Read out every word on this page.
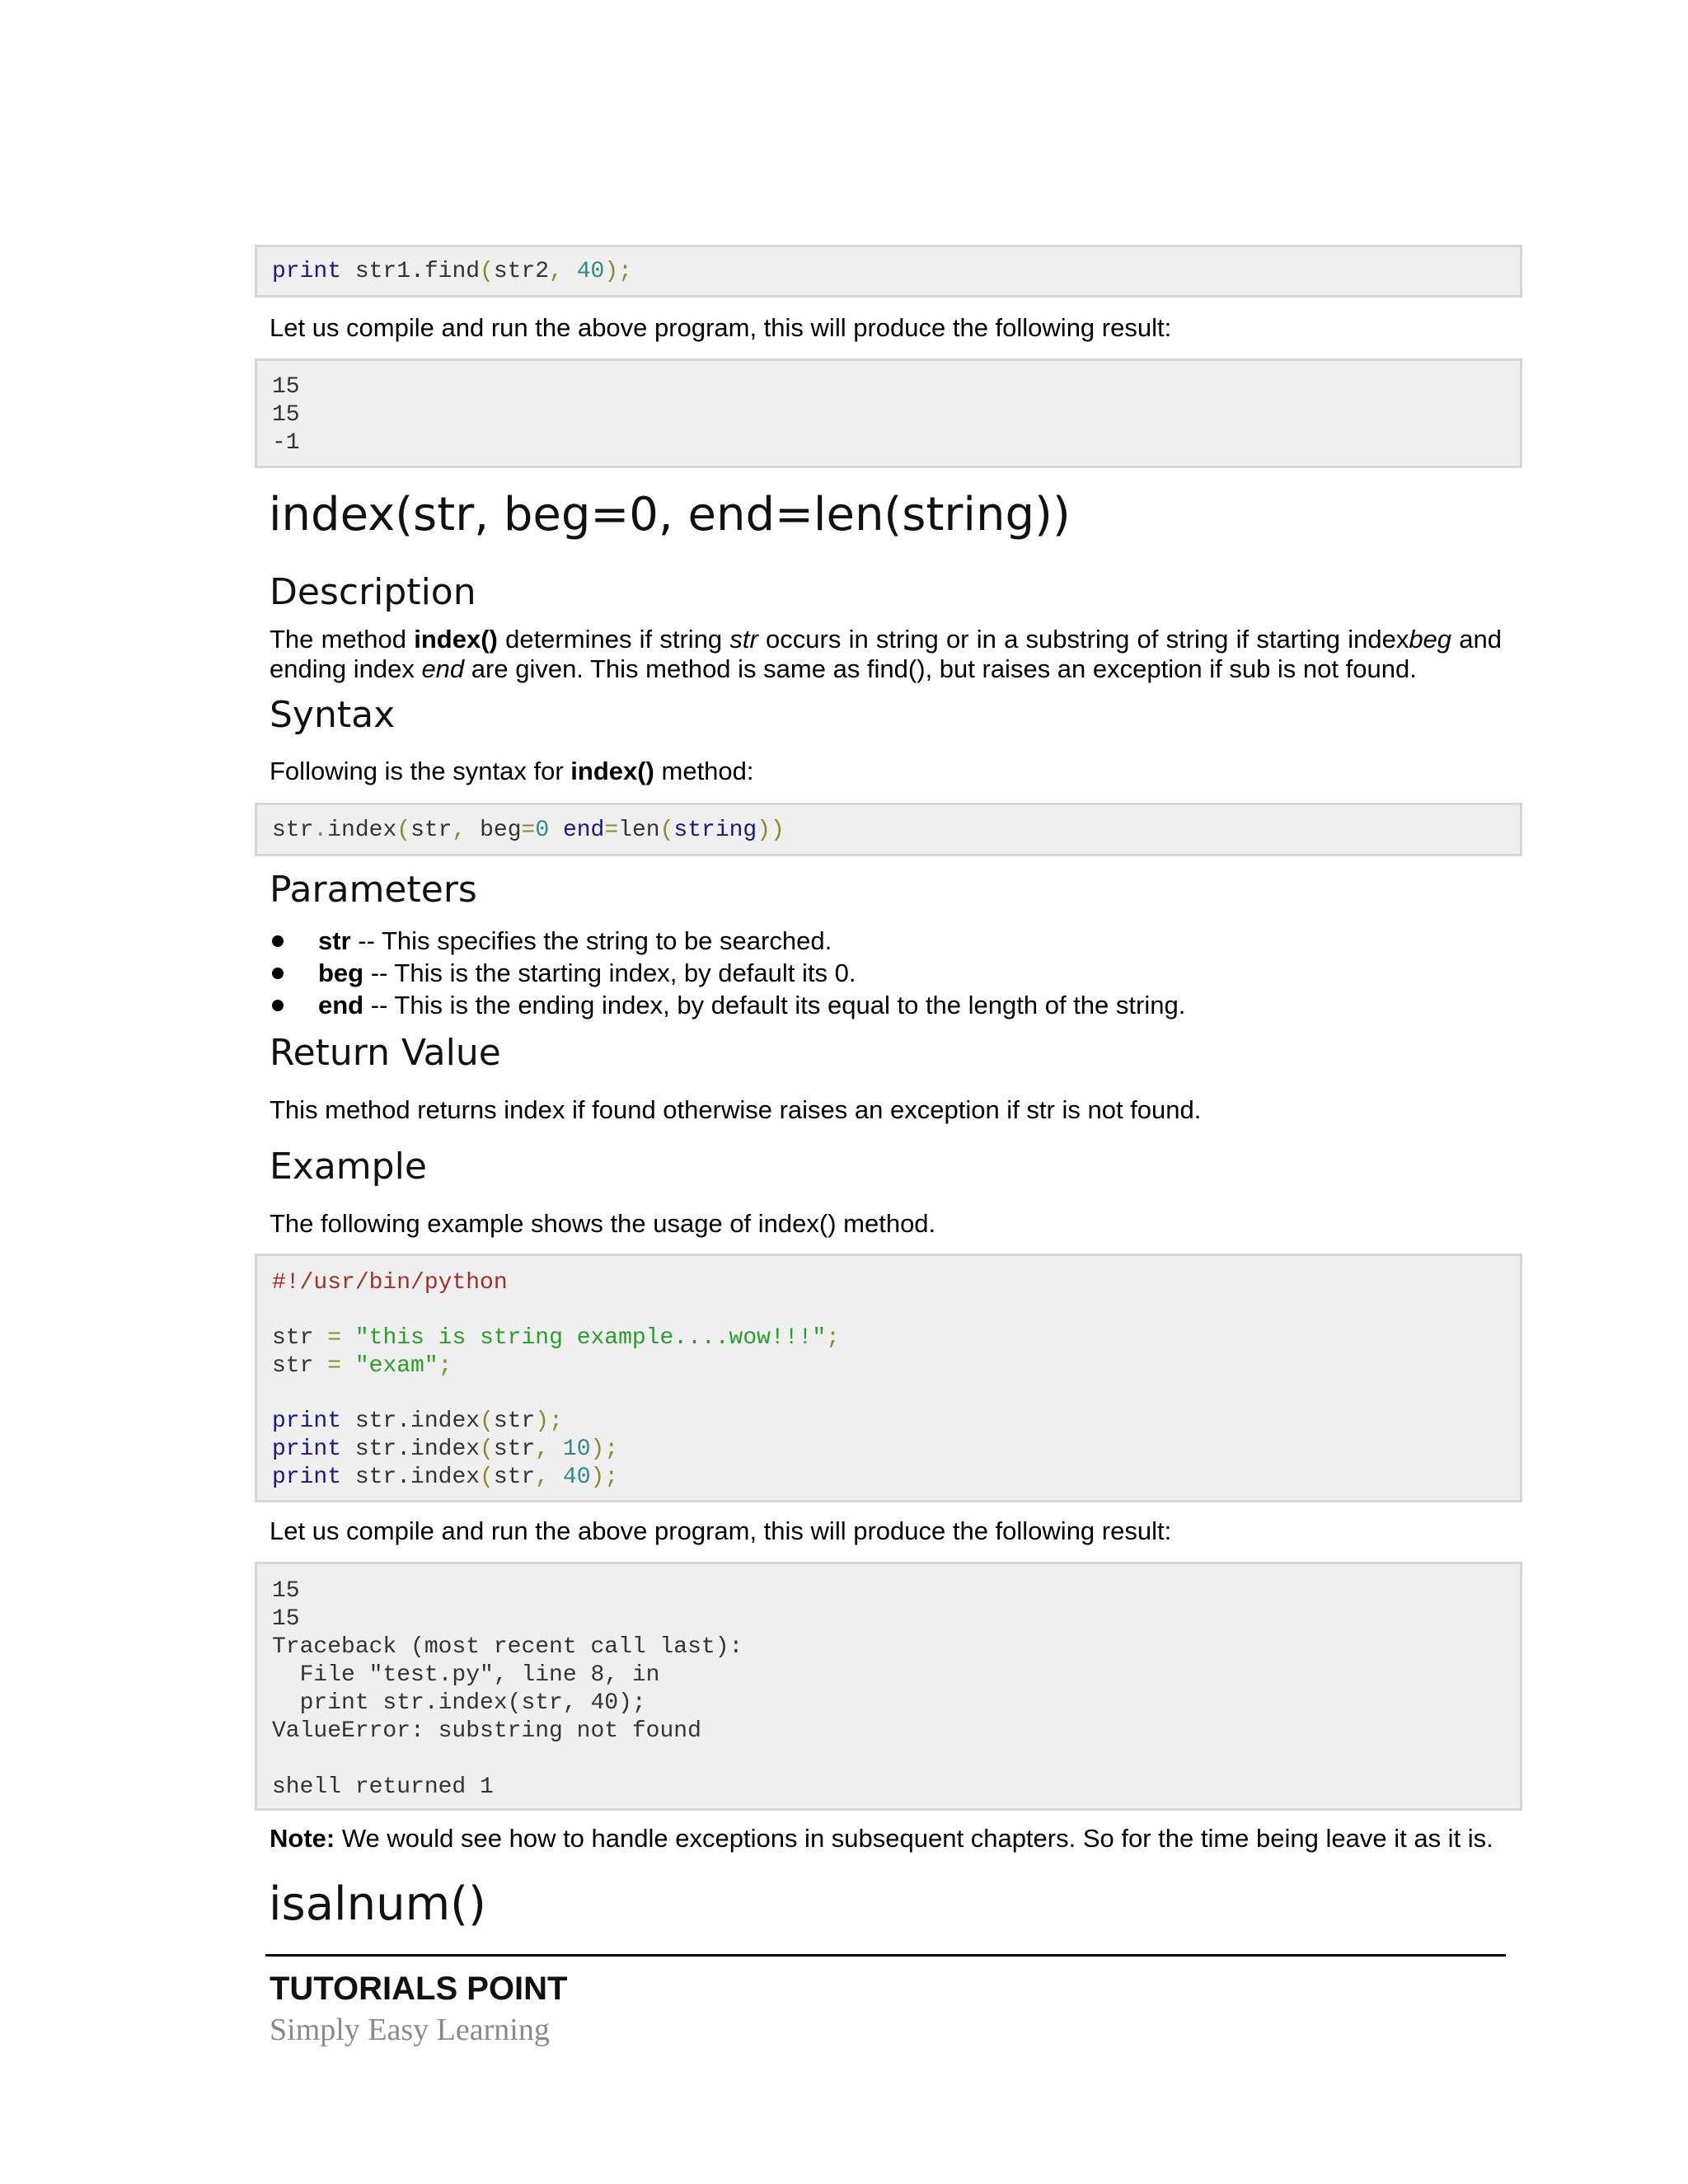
print str1.find(str2, 40);
Let us compile and run the above program, this will produce the following result:
15
15
-1
index(str, beg=0, end=len(string))
Description
The method index() determines if string str occurs in string or in a substring of string if starting indexbeg and ending index end are given. This method is same as find(), but raises an exception if sub is not found.
Syntax
Following is the syntax for index() method:
str.index(str, beg=0 end=len(string))
Parameters
str -- This specifies the string to be searched.
beg -- This is the starting index, by default its 0.
end -- This is the ending index, by default its equal to the length of the string.
Return Value
This method returns index if found otherwise raises an exception if str is not found.
Example
The following example shows the usage of index() method.
#!/usr/bin/python
str = "this is string example....wow!!!";
str = "exam";
print str.index(str);
print str.index(str, 10);
print str.index(str, 40);
Let us compile and run the above program, this will produce the following result:
15
15
Traceback (most recent call last):
File "test.py", line 8, in
print str.index(str, 40);
ValueError: substring not found
shell returned 1
Note: We would see how to handle exceptions in subsequent chapters. So for the time being leave it as it is.
isalnum()
TUTORIALS POINT
Simply Easy Learning
